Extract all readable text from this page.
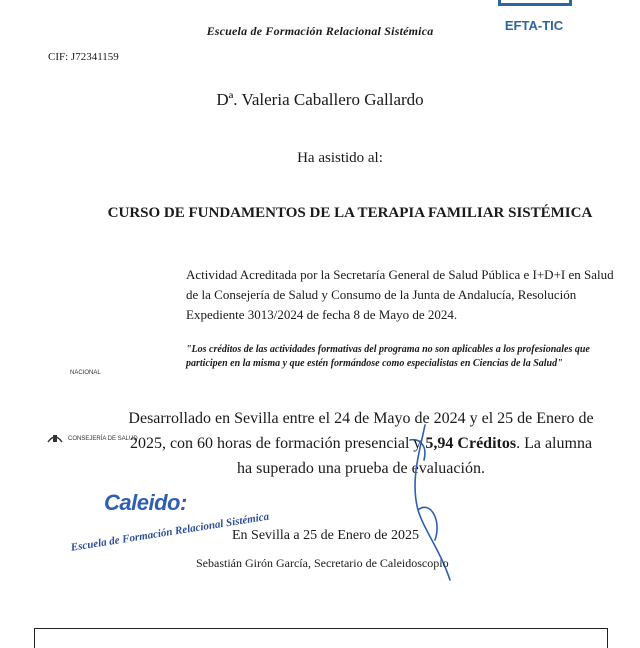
EFTA-TIC
Escuela de Formación Relacional Sistémica
CIF: J72341159
Dª. Valeria Caballero Gallardo
Ha asistido al:
CURSO DE FUNDAMENTOS DE LA TERAPIA FAMILIAR SISTÉMICA
Actividad Acreditada por la Secretaría General de Salud Pública e I+D+I en Salud de la Consejería de Salud y Consumo de la Junta de Andalucía, Resolución Expediente 3013/2024 de fecha 8 de Mayo de 2024.
"Los créditos de las actividades formativas del programa no son aplicables a los profesionales que participen en la misma y que estén formándose como especialistas en Ciencias de la Salud"
NACIONAL
CONSEJERÍA DE SALUD
Desarrollado en Sevilla entre el 24 de Mayo de 2024 y el 25 de Enero de 2025, con 60 horas de formación presencial y 5,94 Créditos. La alumna ha superado una prueba de evaluación.
Caleido:
Escuela de Formación Relacional Sistémica
En Sevilla a 25 de Enero de 2025
Sebastián Girón García, Secretario de Caleidoscopio
